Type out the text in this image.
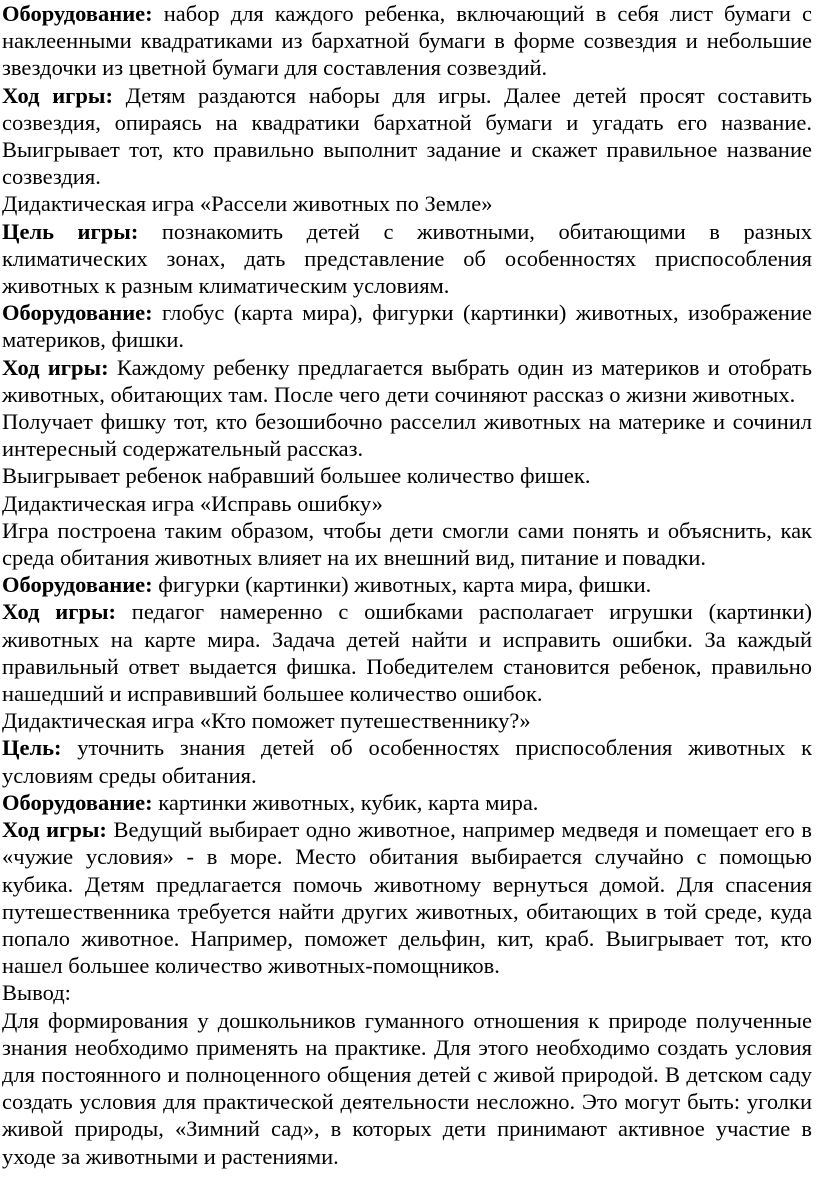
Оборудование: набор для каждого ребенка, включающий в себя лист бумаги с наклеенными квадратиками из бархатной бумаги в форме созвездия и небольшие звездочки из цветной бумаги для составления созвездий.

Ход игры: Детям раздаются наборы для игры. Далее детей просят составить созвездия, опираясь на квадратики бархатной бумаги и угадать его название. Выигрывает тот, кто правильно выполнит задание и скажет правильное название созвездия.

Дидактическая игра «Рассели животных по Земле»

Цель игры: познакомить детей с животными, обитающими в разных климатических зонах, дать представление об особенностях приспособления животных к разным климатическим условиям.

Оборудование: глобус (карта мира), фигурки (картинки) животных, изображение материков, фишки.

Ход игры: Каждому ребенку предлагается выбрать один из материков и отобрать животных, обитающих там. После чего дети сочиняют рассказ о жизни животных.

Получает фишку тот, кто безошибочно расселил животных на материке и сочинил интересный содержательный рассказ.

Выигрывает ребенок набравший большее количество фишек.

Дидактическая игра «Исправь ошибку»

Игра построена таким образом, чтобы дети смогли сами понять и объяснить, как среда обитания животных влияет на их внешний вид, питание и повадки.

Оборудование: фигурки (картинки) животных, карта мира, фишки.

Ход игры: педагог намеренно с ошибками располагает игрушки (картинки) животных на карте мира. Задача детей найти и исправить ошибки. За каждый правильный ответ выдается фишка. Победителем становится ребенок, правильно нашедший и исправивший большее количество ошибок.

Дидактическая игра «Кто поможет путешественнику?»

Цель: уточнить знания детей об особенностях приспособления животных к условиям среды обитания.

Оборудование: картинки животных, кубик, карта мира.

Ход игры: Ведущий выбирает одно животное, например медведя и помещает его в «чужие условия» - в море. Место обитания выбирается случайно с помощью кубика. Детям предлагается помочь животному вернуться домой. Для спасения путешественника требуется найти других животных, обитающих в той среде, куда попало животное. Например, поможет дельфин, кит, краб. Выигрывает тот, кто нашел большее количество животных-помощников.

Вывод:

Для формирования у дошкольников гуманного отношения к природе полученные знания необходимо применять на практике. Для этого необходимо создать условия для постоянного и полноценного общения детей с живой природой. В детском саду создать условия для практической деятельности несложно. Это могут быть: уголки живой природы, «Зимний сад», в которых дети принимают активное участие в уходе за животными и растениями.
